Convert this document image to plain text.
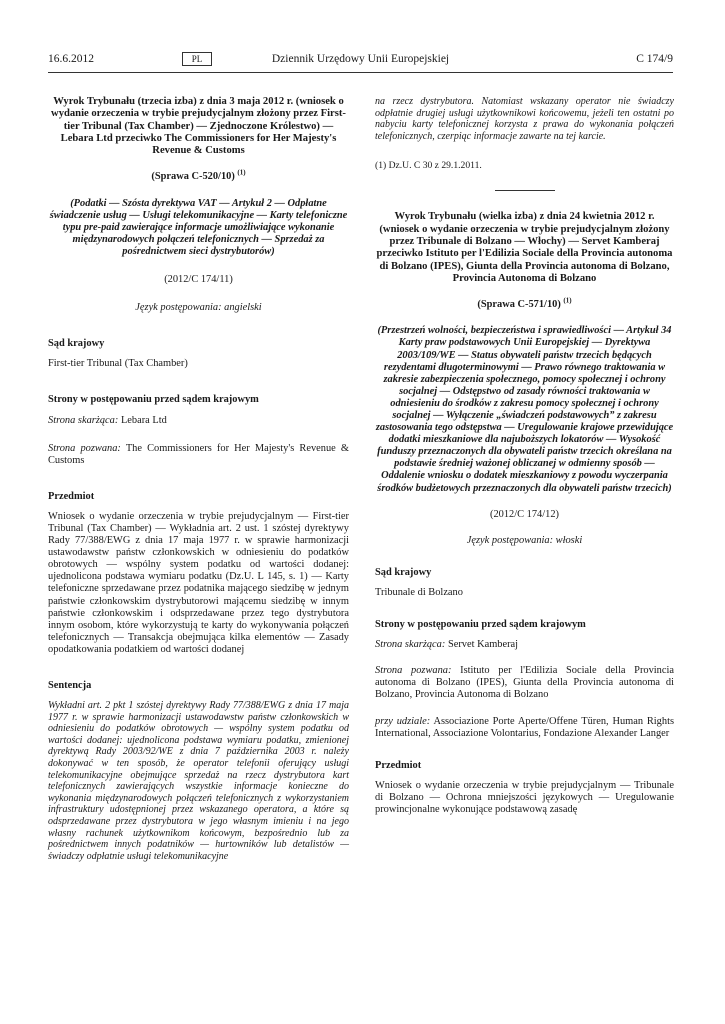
16.6.2012	PL	Dziennik Urzędowy Unii Europejskiej	C 174/9
Wyrok Trybunału (trzecia izba) z dnia 3 maja 2012 r. (wniosek o wydanie orzeczenia w trybie prejudycjalnym złożony przez First-tier Tribunal (Tax Chamber) — Zjednoczone Królestwo) — Lebara Ltd przeciwko The Commissioners for Her Majesty's Revenue & Customs
(Sprawa C-520/10) $^{(1)}$
(Podatki — Szósta dyrektywa VAT — Artykuł 2 — Odpłatne świadczenie usług — Usługi telekomunikacyjne — Karty telefoniczne typu pre-paid zawierające informacje umożliwiające wykonanie międzynarodowych połączeń telefonicznych — Sprzedaż za pośrednictwem sieci dystrybutorów)
(2012/C 174/11)
Język postępowania: angielski
Sąd krajowy
First-tier Tribunal (Tax Chamber)
Strony w postępowaniu przed sądem krajowym
Strona skarżąca: Lebara Ltd
Strona pozwana: The Commissioners for Her Majesty's Revenue & Customs
Przedmiot
Wniosek o wydanie orzeczenia w trybie prejudycjalnym — First-tier Tribunal (Tax Chamber) — Wykładnia art. 2 ust. 1 szóstej dyrektywy Rady 77/388/EWG z dnia 17 maja 1977 r. w sprawie harmonizacji ustawodawstw państw członkowskich w odniesieniu do podatków obrotowych — wspólny system podatku od wartości dodanej: ujednolicona podstawa wymiaru podatku (Dz.U. L 145, s. 1) — Karty telefoniczne sprzedawane przez podatnika mającego siedzibę w jednym państwie członkowskim dystrybutorowi mającemu siedzibę w innym państwie członkowskim i odsprzedawane przez tego dystrybutora innym osobom, które wykorzystują te karty do wykonywania połączeń telefonicznych — Transakcja obejmująca kilka elementów — Zasady opodatkowania podatkiem od wartości dodanej
Sentencja
Wykładni art. 2 pkt 1 szóstej dyrektywy Rady 77/388/EWG z dnia 17 maja 1977 r. w sprawie harmonizacji ustawodawstw państw członkowskich w odniesieniu do podatków obrotowych — wspólny system podatku od wartości dodanej: ujednolicona podstawa wymiaru podatku, zmienionej dyrektywą Rady 2003/92/WE z dnia 7 października 2003 r. należy dokonywać w ten sposób, że operator telefonii oferujący usługi telekomunikacyjne obejmujące sprzedaż na rzecz dystrybutora kart telefonicznych zawierających wszystkie informacje konieczne do wykonania międzynarodowych połączeń telefonicznych z wykorzystaniem infrastruktury udostępnionej przez wskazanego operatora, a które są odsprzedawane przez dystrybutora w jego własnym imieniu i na jego własny rachunek użytkownikom końcowym, bezpośrednio lub za pośrednictwem innych podatników — hurtowników lub detalistów — świadczy odpłatnie usługi telekomunikacyjne
na rzecz dystrybutora. Natomiast wskazany operator nie świadczy odpłatnie drugiej usługi użytkownikowi końcowemu, jeżeli ten ostatni po nabyciu karty telefonicznej korzysta z prawa do wykonania połączeń telefonicznych, czerpiąc informacje zawarte na tej karcie.
(1) Dz.U. C 30 z 29.1.2011.
Wyrok Trybunału (wielka izba) z dnia 24 kwietnia 2012 r. (wniosek o wydanie orzeczenia w trybie prejudycjalnym złożony przez Tribunale di Bolzano — Włochy) — Servet Kamberaj przeciwko Istituto per l'Edilizia Sociale della Provincia autonoma di Bolzano (IPES), Giunta della Provincia autonoma di Bolzano, Provincia Autonoma di Bolzano
(Sprawa C-571/10) $^{(1)}$
(Przestrzeń wolności, bezpieczeństwa i sprawiedliwości — Artykuł 34 Karty praw podstawowych Unii Europejskiej — Dyrektywa 2003/109/WE — Status obywateli państw trzecich będących rezydentami długoterminowymi — Prawo równego traktowania w zakresie zabezpieczenia społecznego, pomocy społecznej i ochrony socjalnej — Odstępstwo od zasady równości traktowania w odniesieniu do środków z zakresu pomocy społecznej i ochrony socjalnej — Wyłączenie „świadczeń podstawowych” z zakresu zastosowania tego odstępstwa — Uregulowanie krajowe przewidujące dodatki mieszkaniowe dla najuboższych lokatorów — Wysokość funduszy przeznaczonych dla obywateli państw trzecich określana na podstawie średniej ważonej obliczanej w odmienny sposób — Oddalenie wniosku o dodatek mieszkaniowy z powodu wyczerpania środków budżetowych przeznaczonych dla obywateli państw trzecich)
(2012/C 174/12)
Język postępowania: włoski
Sąd krajowy
Tribunale di Bolzano
Strony w postępowaniu przed sądem krajowym
Strona skarżąca: Servet Kamberaj
Strona pozwana: Istituto per l'Edilizia Sociale della Provincia autonoma di Bolzano (IPES), Giunta della Provincia autonoma di Bolzano, Provincia Autonoma di Bolzano
przy udziale: Associazione Porte Aperte/Offene Türen, Human Rights International, Associazione Volontarius, Fondazione Alexander Langer
Przedmiot
Wniosek o wydanie orzeczenia w trybie prejudycjalnym — Tribunale di Bolzano — Ochrona mniejszości językowych — Uregulowanie prowincjonalne wykonujące podstawową zasadę
